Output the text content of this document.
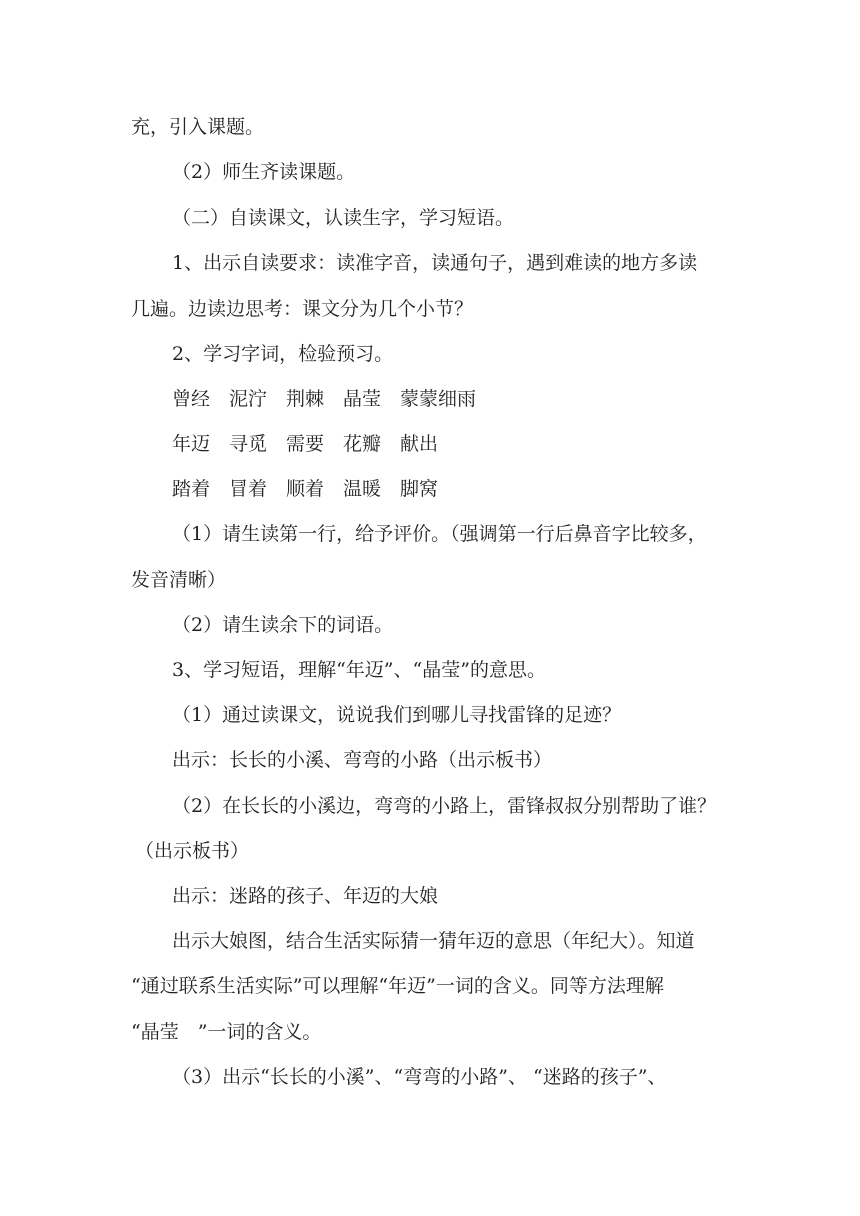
充，引入课题。
（2）师生齐读课题。
（二）自读课文，认读生字，学习短语。
1、出示自读要求：读准字音，读通句子，遇到难读的地方多读
几遍。边读边思考：课文分为几个小节？
2、学习字词，检验预习。
曾经　泥泞　荆棘　晶莹　蒙蒙细雨
年迈　寻觅　需要　花瓣　献出
踏着　冒着　顺着　温暖　脚窝
（1）请生读第一行，给予评价。（强调第一行后鼻音字比较多，
发音清晰）
（2）请生读余下的词语。
3、学习短语，理解“年迈”、“晶莹”的意思。
（1）通过读课文，说说我们到哪儿寻找雷锋的足迹？
出示：长长的小溪、弯弯的小路（出示板书）
（2）在长长的小溪边，弯弯的小路上，雷锋叔叔分别帮助了谁？
（出示板书）
出示：迷路的孩子、年迈的大娘
出示大娘图，结合生活实际猜一猜年迈的意思（年纪大）。知道
“通过联系生活实际”可以理解“年迈”一词的含义。同等方法理解
“晶莹　”一词的含义。
（3）出示“长长的小溪”、“弯弯的小路”、 “迷路的孩子”、
